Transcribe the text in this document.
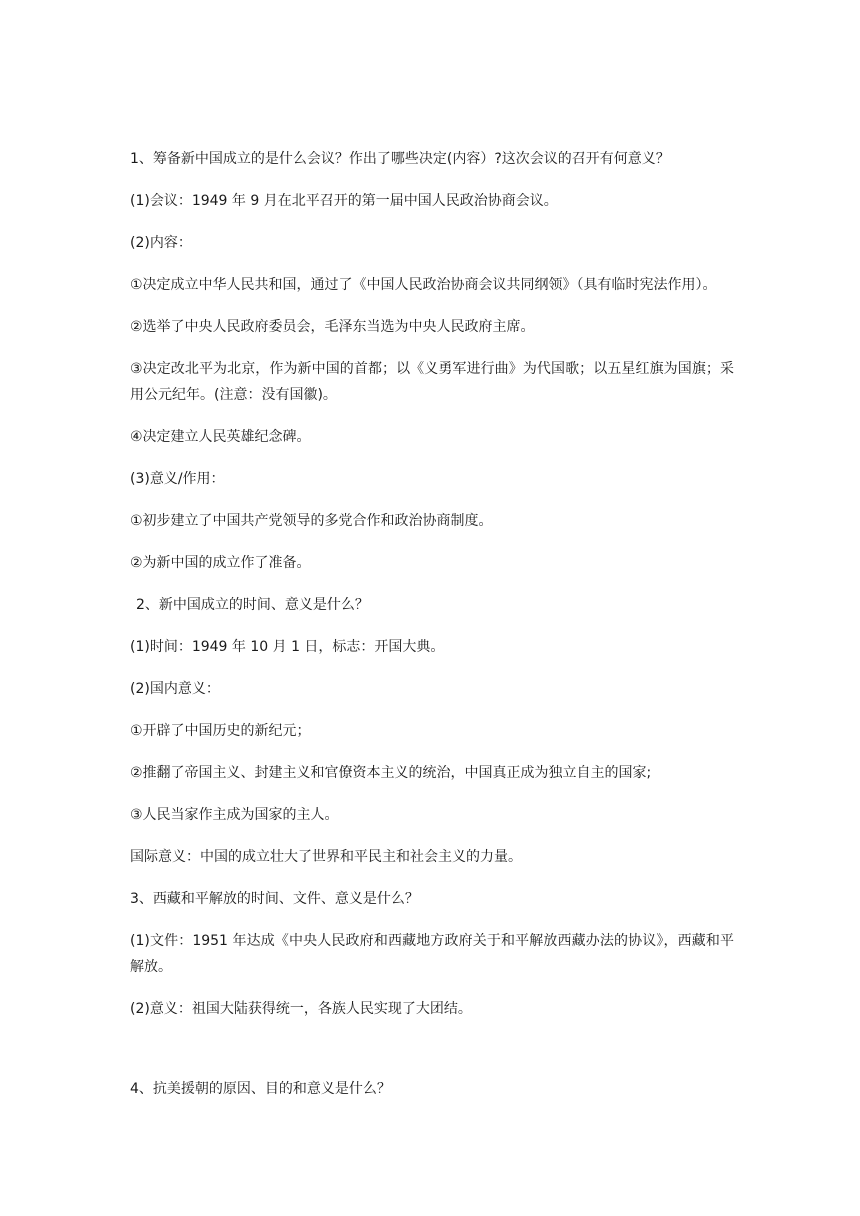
1、筹备新中国成立的是什么会议？作出了哪些决定(内容）?这次会议的召开有何意义？

(1)会议：1949 年 9 月在北平召开的第一届中国人民政治协商会议。

(2)内容：

①决定成立中华人民共和国，通过了《中国人民政治协商会议共同纲领》（具有临时宪法作用）。

②选举了中央人民政府委员会，毛泽东当选为中央人民政府主席。

③决定改北平为北京，作为新中国的首都；以《义勇军进行曲》为代国歌；以五星红旗为国旗；采用公元纪年。(注意：没有国徽)。

④决定建立人民英雄纪念碑。

(3)意义/作用：

①初步建立了中国共产党领导的多党合作和政治协商制度。

②为新中国的成立作了准备。

2、新中国成立的时间、意义是什么？

(1)时间：1949 年 10 月 1 日，标志：开国大典。

(2)国内意义：

①开辟了中国历史的新纪元；

②推翻了帝国主义、封建主义和官僚资本主义的统治，中国真正成为独立自主的国家;

③人民当家作主成为国家的主人。

国际意义：中国的成立壮大了世界和平民主和社会主义的力量。

3、西藏和平解放的时间、文件、意义是什么？

(1)文件：1951 年达成《中央人民政府和西藏地方政府关于和平解放西藏办法的协议》，西藏和平解放。

(2)意义：祖国大陆获得统一，各族人民实现了大团结。

4、抗美援朝的原因、目的和意义是什么？
